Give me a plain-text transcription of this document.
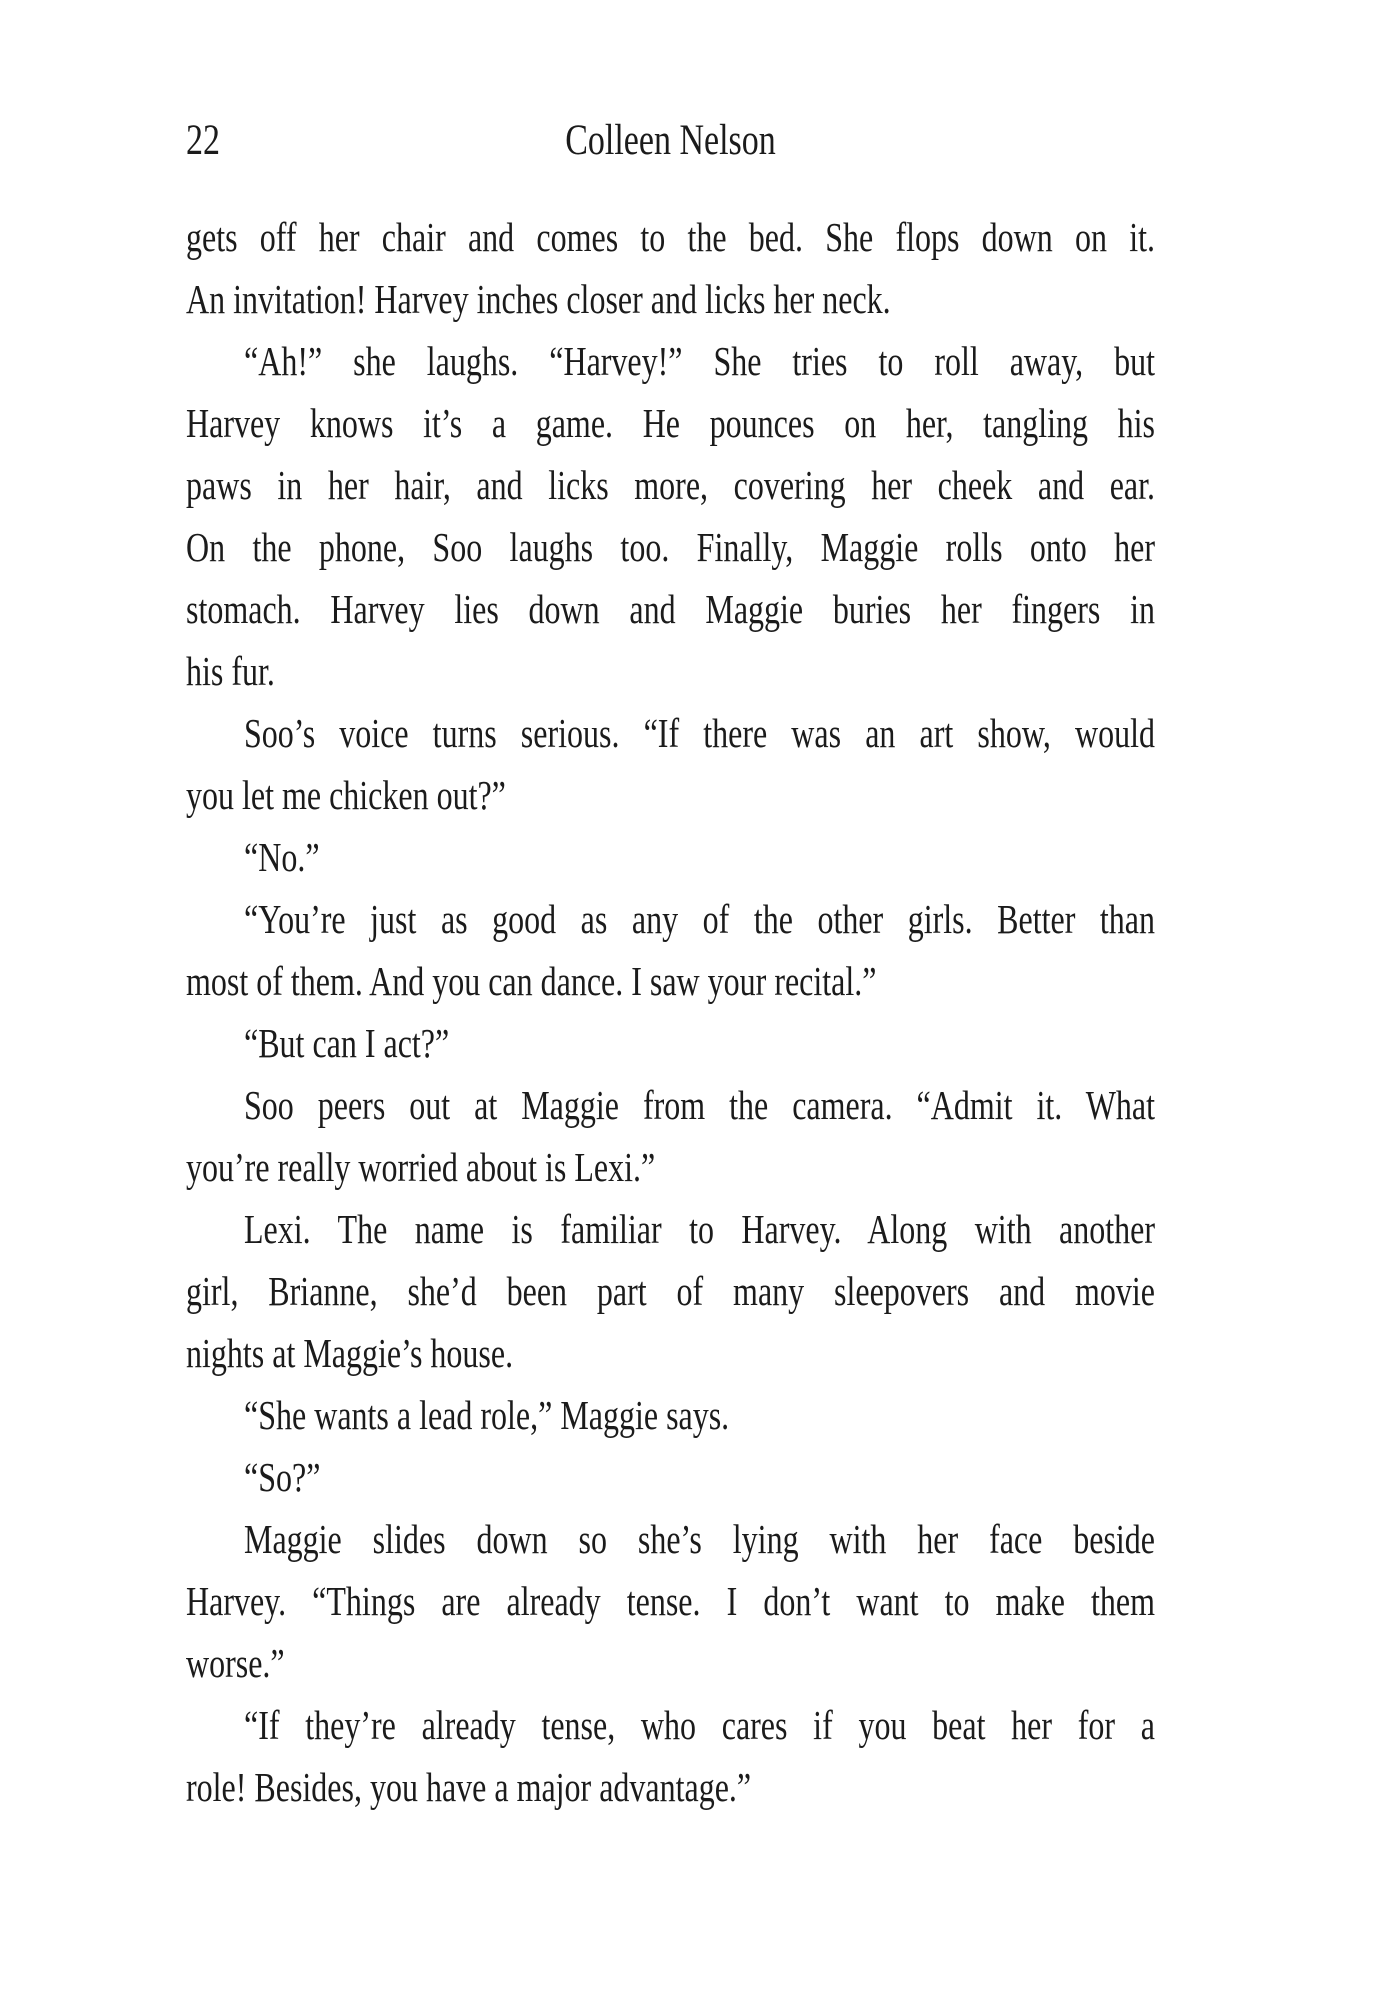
22	Colleen Nelson
gets off her chair and comes to the bed. She flops down on it.
An invitation! Harvey inches closer and licks her neck.
“Ah!” she laughs. “Harvey!” She tries to roll away, but
Harvey knows it’s a game. He pounces on her, tangling his
paws in her hair, and licks more, covering her cheek and ear.
On the phone, Soo laughs too. Finally, Maggie rolls onto her
stomach. Harvey lies down and Maggie buries her fingers in
his fur.
Soo’s voice turns serious. “If there was an art show, would
you let me chicken out?”
“No.”
“You’re just as good as any of the other girls. Better than
most of them. And you can dance. I saw your recital.”
“But can I act?”
Soo peers out at Maggie from the camera. “Admit it. What
you’re really worried about is Lexi.”
Lexi. The name is familiar to Harvey. Along with another
girl, Brianne, she’d been part of many sleepovers and movie
nights at Maggie’s house.
“She wants a lead role,” Maggie says.
“So?”
Maggie slides down so she’s lying with her face beside
Harvey. “Things are already tense. I don’t want to make them
worse.”
“If they’re already tense, who cares if you beat her for a
role! Besides, you have a major advantage.”
